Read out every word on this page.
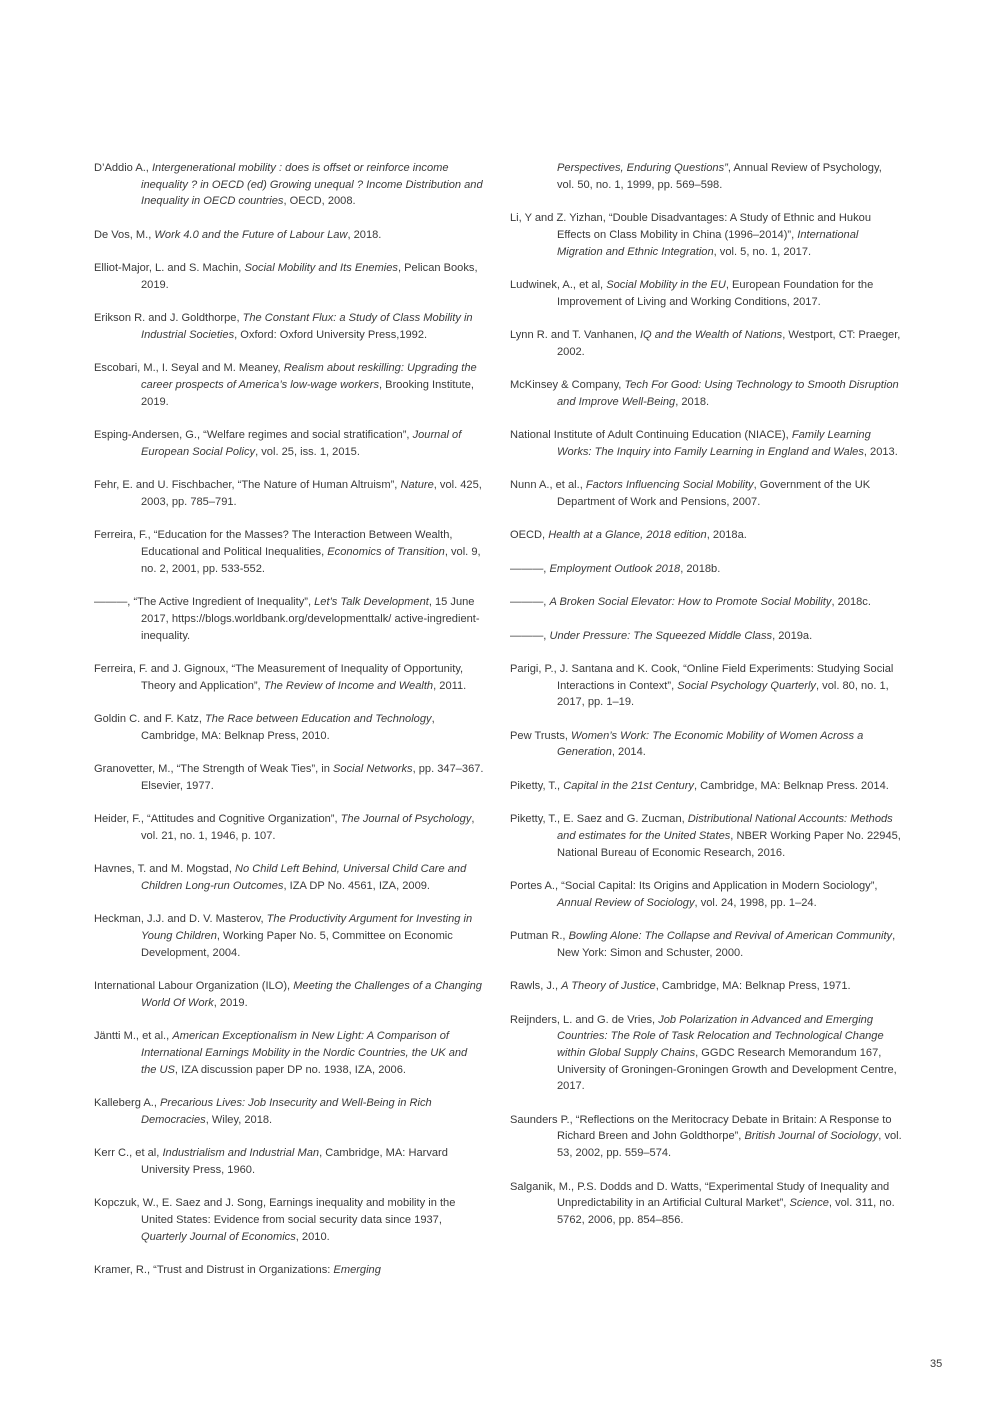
D’Addio A., Intergenerational mobility : does is offset or reinforce income inequality ? in OECD (ed) Growing unequal ? Income Distribution and Inequality in OECD countries, OECD, 2008.

De Vos, M., Work 4.0 and the Future of Labour Law, 2018.

Elliot-Major, L. and S. Machin, Social Mobility and Its Enemies, Pelican Books, 2019.

Erikson R. and J. Goldthorpe, The Constant Flux: a Study of Class Mobility in Industrial Societies, Oxford: Oxford University Press,1992.

Escobari, M., I. Seyal and M. Meaney, Realism about reskilling: Upgrading the career prospects of America’s low-wage workers, Brooking Institute, 2019.

Esping-Andersen, G., “Welfare regimes and social stratification”, Journal of European Social Policy, vol. 25, iss. 1, 2015.

Fehr, E. and U. Fischbacher, “The Nature of Human Altruism”, Nature, vol. 425, 2003, pp. 785–791.

Ferreira, F., “Education for the Masses? The Interaction Between Wealth, Educational and Political Inequalities, Economics of Transition, vol. 9, no. 2, 2001, pp. 533-552.

———, “The Active Ingredient of Inequality”, Let’s Talk Development, 15 June 2017, https://blogs.worldbank.org/developmenttalk/ active-ingredient-inequality.

Ferreira, F. and J. Gignoux, “The Measurement of Inequality of Opportunity, Theory and Application”, The Review of Income and Wealth, 2011.

Goldin C. and F. Katz, The Race between Education and Technology, Cambridge, MA: Belknap Press, 2010.

Granovetter, M., “The Strength of Weak Ties”, in Social Networks, pp. 347–367. Elsevier, 1977.

Heider, F., “Attitudes and Cognitive Organization”, The Journal of Psychology, vol. 21, no. 1, 1946, p. 107.

Havnes, T. and M. Mogstad, No Child Left Behind, Universal Child Care and Children Long-run Outcomes, IZA DP No. 4561, IZA, 2009.

Heckman, J.J. and D. V. Masterov, The Productivity Argument for Investing in Young Children, Working Paper No. 5, Committee on Economic Development, 2004.

International Labour Organization (ILO), Meeting the Challenges of a Changing World Of Work, 2019.

Jäntti M., et al., American Exceptionalism in New Light: A Comparison of International Earnings Mobility in the Nordic Countries, the UK and the US, IZA discussion paper DP no. 1938, IZA, 2006.

Kalleberg A., Precarious Lives: Job Insecurity and Well-Being in Rich Democracies, Wiley, 2018.

Kerr C., et al, Industrialism and Industrial Man, Cambridge, MA: Harvard University Press, 1960.

Kopczuk, W., E. Saez and J. Song, Earnings inequality and mobility in the United States: Evidence from social security data since 1937, Quarterly Journal of Economics, 2010.

Kramer, R., “Trust and Distrust in Organizations: Emerging

Perspectives, Enduring Questions”, Annual Review of Psychology, vol. 50, no. 1, 1999, pp. 569–598.

Li, Y and Z. Yizhan, “Double Disadvantages: A Study of Ethnic and Hukou Effects on Class Mobility in China (1996–2014)”, International Migration and Ethnic Integration, vol. 5, no. 1, 2017.

Ludwinek, A., et al, Social Mobility in the EU, European Foundation for the Improvement of Living and Working Conditions, 2017.

Lynn R. and T. Vanhanen, IQ and the Wealth of Nations, Westport, CT: Praeger, 2002.

McKinsey & Company, Tech For Good: Using Technology to Smooth Disruption and Improve Well-Being, 2018.

National Institute of Adult Continuing Education (NIACE), Family Learning Works: The Inquiry into Family Learning in England and Wales, 2013.

Nunn A., et al., Factors Influencing Social Mobility, Government of the UK Department of Work and Pensions, 2007.

OECD, Health at a Glance, 2018 edition, 2018a.

———, Employment Outlook 2018, 2018b.

———, A Broken Social Elevator: How to Promote Social Mobility, 2018c.

———, Under Pressure: The Squeezed Middle Class, 2019a.

Parigi, P., J. Santana and K. Cook, “Online Field Experiments: Studying Social Interactions in Context”, Social Psychology Quarterly, vol. 80, no. 1, 2017, pp. 1–19.

Pew Trusts, Women’s Work: The Economic Mobility of Women Across a Generation, 2014.

Piketty, T., Capital in the 21st Century, Cambridge, MA: Belknap Press. 2014.

Piketty, T., E. Saez and G. Zucman, Distributional National Accounts: Methods and estimates for the United States, NBER Working Paper No. 22945, National Bureau of Economic Research, 2016.

Portes A., “Social Capital: Its Origins and Application in Modern Sociology”, Annual Review of Sociology, vol. 24, 1998, pp. 1–24.

Putman R., Bowling Alone: The Collapse and Revival of American Community, New York: Simon and Schuster, 2000.

Rawls, J., A Theory of Justice, Cambridge, MA: Belknap Press, 1971.

Reijnders, L. and G. de Vries, Job Polarization in Advanced and Emerging Countries: The Role of Task Relocation and Technological Change within Global Supply Chains, GGDC Research Memorandum 167, University of Groningen-Groningen Growth and Development Centre, 2017.

Saunders P., “Reflections on the Meritocracy Debate in Britain: A Response to Richard Breen and John Goldthorpe”, British Journal of Sociology, vol. 53, 2002, pp. 559–574.

Salganik, M., P.S. Dodds and D. Watts, “Experimental Study of Inequality and Unpredictability in an Artificial Cultural Market”, Science, vol. 311, no. 5762, 2006, pp. 854–856.

35
